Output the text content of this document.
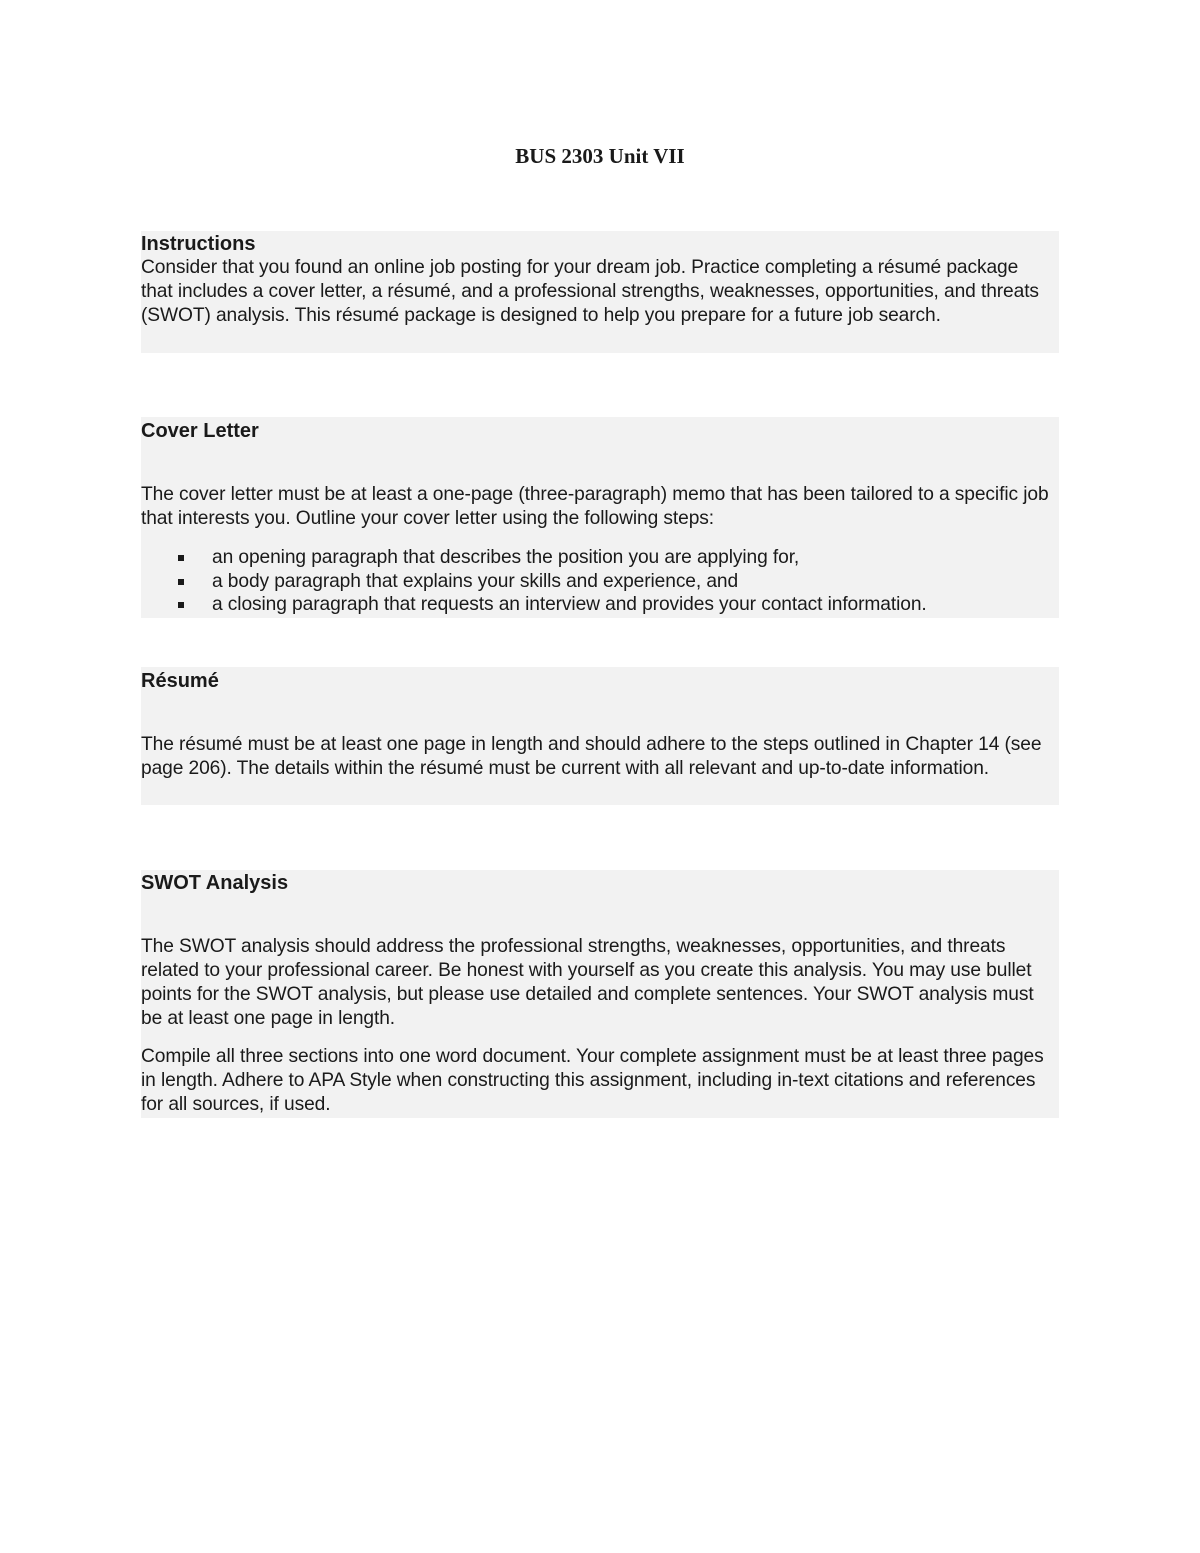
BUS 2303 Unit VII
Instructions

Consider that you found an online job posting for your dream job. Practice completing a résumé package that includes a cover letter, a résumé, and a professional strengths, weaknesses, opportunities, and threats (SWOT) analysis. This résumé package is designed to help you prepare for a future job search.

Cover Letter

The cover letter must be at least a one-page (three-paragraph) memo that has been tailored to a specific job that interests you. Outline your cover letter using the following steps:

an opening paragraph that describes the position you are applying for,
a body paragraph that explains your skills and experience, and
a closing paragraph that requests an interview and provides your contact information.
Résumé

The résumé must be at least one page in length and should adhere to the steps outlined in Chapter 14 (see page 206). The details within the résumé must be current with all relevant and up-to-date information.

SWOT Analysis

The SWOT analysis should address the professional strengths, weaknesses, opportunities, and threats related to your professional career. Be honest with yourself as you create this analysis. You may use bullet points for the SWOT analysis, but please use detailed and complete sentences. Your SWOT analysis must be at least one page in length.

Compile all three sections into one word document. Your complete assignment must be at least three pages in length. Adhere to APA Style when constructing this assignment, including in-text citations and references for all sources, if used.
